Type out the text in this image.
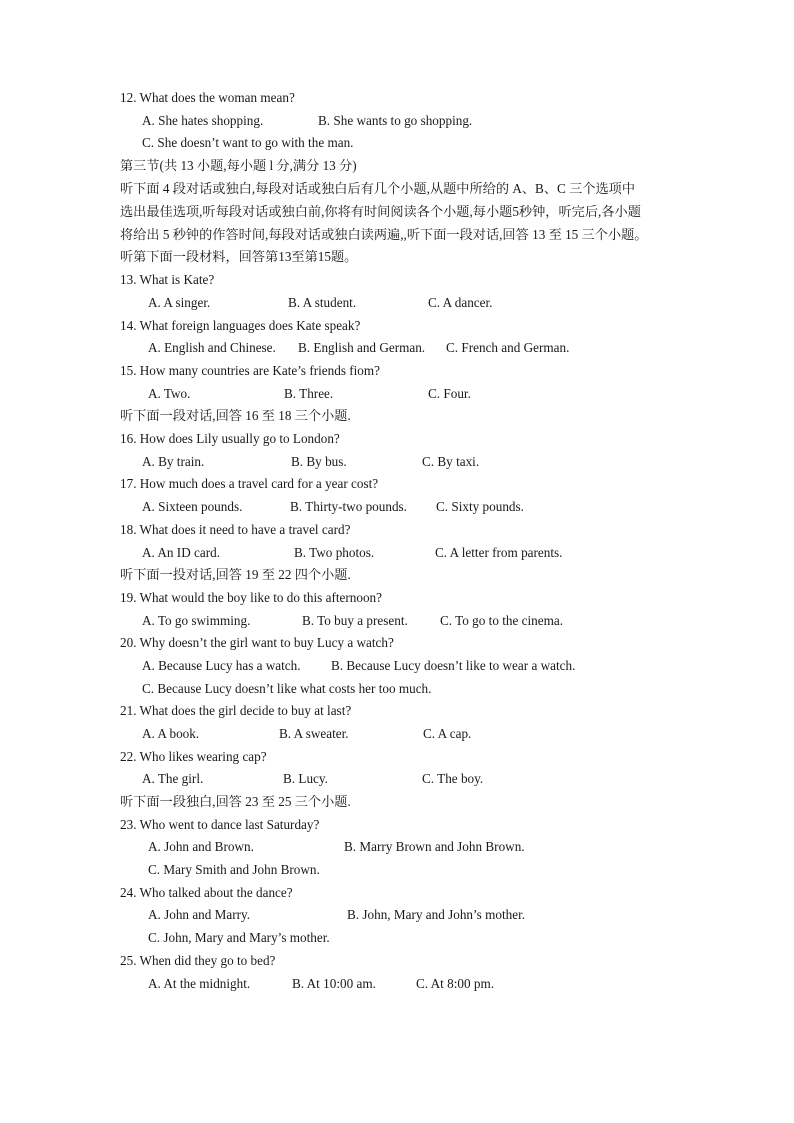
12. What does the woman mean?
A. She hates shopping.	B. She wants to go shopping.
C. She doesn’t want to go with the man.
第三节(共 13 小题,每小题 l 分,满分 13 分)
听下面 4 段对话或独白,每段对话或独白后有几个小题,从题中所给的 A、B、C 三个选项中
选出最佳选项,听每段对话或独白前,你将有时间阅读各个小题,每小题5秒钟，听完后,各小题
将给出 5 秒钟的作答时间,每段对话或独白读两遍,,听下面一段对话,回答 13 至 15 三个小题。
听第下面一段材料，回答第13至第15题。
13. What is Kate?
A. A singer.	B. A student.	C. A dancer.
14. What foreign languages does Kate speak?
A. English and Chinese. B. English and German. C. French and German.
15. How many countries are Kate’s friends fiom?
A. Two.	B. Three.	C. Four.
听下面一段对话,回答 16 至 18 三个小题.
16. How does Lily usually go to London?
A. By train.	B. By bus.	C. By taxi.
17. How much does a travel card for a year cost?
A. Sixteen pounds.	B. Thirty-two pounds. C. Sixty pounds.
18. What does it need to have a travel card?
A. An ID card.	B. Two photos.	C. A letter from parents.
听下面一投对话,回答 19 至 22 四个小题.
19. What would the boy like to do this afternoon?
A. To go swimming.	B. To buy a present. C. To go to the cinema.
20. Why doesn’t the girl want to buy Lucy a watch?
A. Because Lucy has a watch. B. Because Lucy doesn’t like to wear a watch.
C. Because Lucy doesn’t like what costs her too much.
21. What does the girl decide to buy at last?
A. A book.	B. A sweater.	C. A cap.
22. Who likes wearing cap?
A. The girl.	B. Lucy.	C. The boy.
听下面一段独白,回答 23 至 25 三个小题.
23. Who went to dance last Saturday?
A. John and Brown.	B. Marry Brown and John Brown.
C. Mary Smith and John Brown.
24. Who talked about the dance?
A. John and Marry.	B. John, Mary and John’s mother.
C. John, Mary and Mary’s mother.
25. When did they go to bed?
A. At the midnight.	B. At 10:00 am.	C. At 8:00 pm.
